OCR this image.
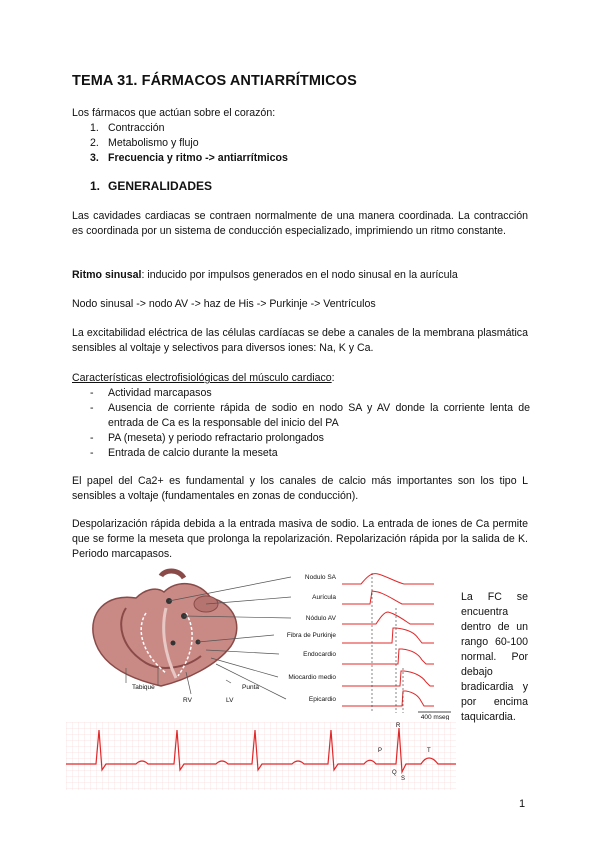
TEMA 31. FÁRMACOS ANTIARRÍTMICOS
Los fármacos que actúan sobre el corazón:
1. Contracción
2. Metabolismo y flujo
3. Frecuencia y ritmo -> antiarrítmicos
1. GENERALIDADES
Las cavidades cardiacas se contraen normalmente de una manera coordinada. La contracción es coordinada por un sistema de conducción especializado, imprimiendo un ritmo constante.
Ritmo sinusal: inducido por impulsos generados en el nodo sinusal en la aurícula
Nodo sinusal -> nodo AV -> haz de His -> Purkinje -> Ventrículos
La excitabilidad eléctrica de las células cardíacas se debe a canales de la membrana plasmática sensibles al voltaje y selectivos para diversos iones: Na, K y Ca.
Características electrofisiológicas del músculo cardiaco:
- Actividad marcapasos
- Ausencia de corriente rápida de sodio en nodo SA y AV donde la corriente lenta de entrada de Ca es la responsable del inicio del PA
- PA (meseta) y periodo refractario prolongados
- Entrada de calcio durante la meseta
El papel del Ca2+ es fundamental y los canales de calcio más importantes son los tipo L sensibles a voltaje (fundamentales en zonas de conducción).
Despolarización rápida debida a la entrada masiva de sodio. La entrada de iones de Ca permite que se forme la meseta que prolonga la repolarización. Repolarización rápida por la salida de K. Periodo marcapasos.
Nodulo SA
Aurícula
Nódulo AV
Fibra de Purkinje
Endocardio
Miocardio medio
Epicardio
Tabique
RV	LV
Punta
400 mseg
La FC se encuentra dentro de un rango 60-100 normal. Por debajo bradicardia y por encima taquicardia.
P
R
Q
S
T
1
